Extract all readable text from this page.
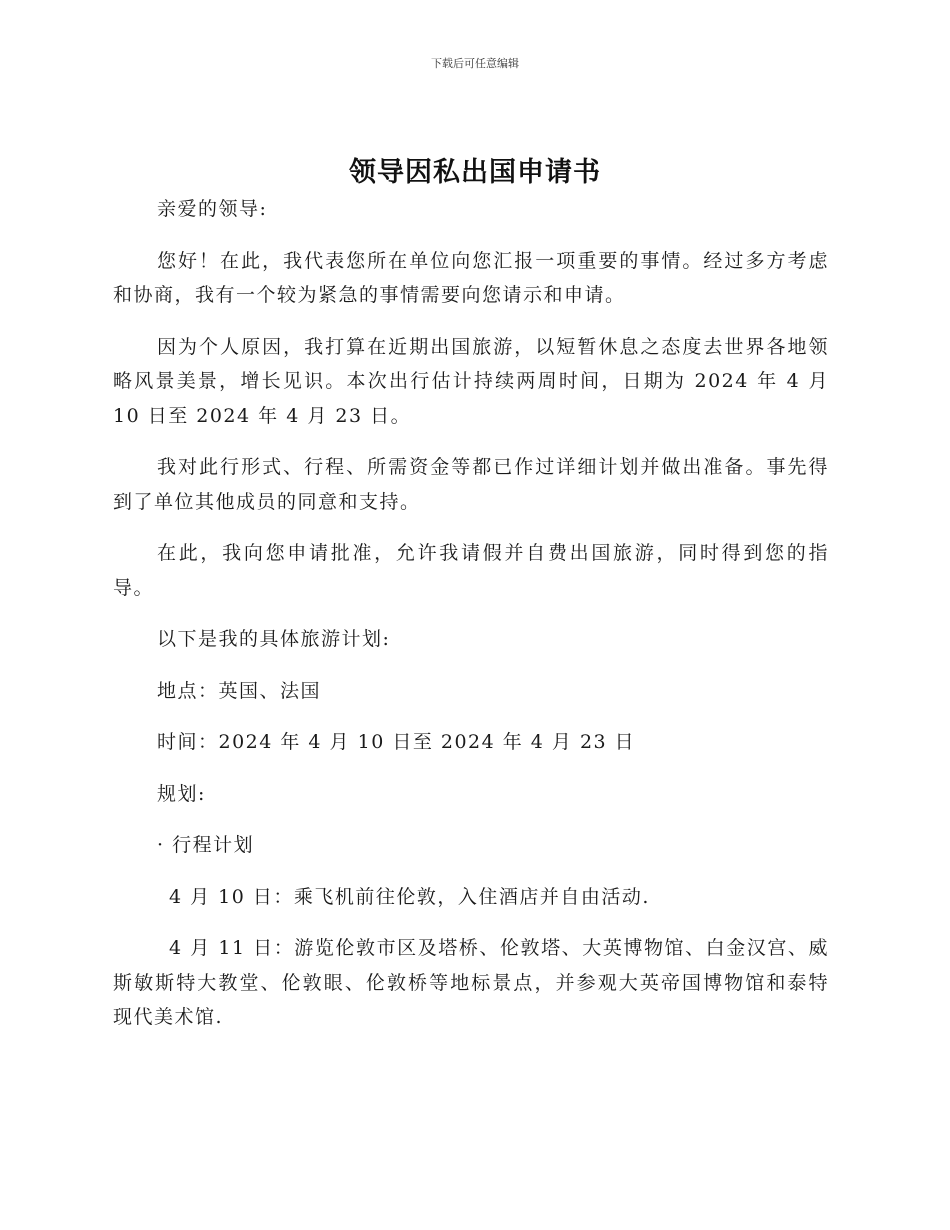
下载后可任意编辑
领导因私出国申请书

亲爱的领导:

您好！在此，我代表您所在单位向您汇报一项重要的事情。经过多方考虑和协商，我有一个较为紧急的事情需要向您请示和申请。

因为个人原因，我打算在近期出国旅游，以短暂休息之态度去世界各地领略风景美景，增长见识。本次出行估计持续两周时间，日期为 2024 年 4 月 10 日至 2024 年 4 月 23 日。

我对此行形式、行程、所需资金等都已作过详细计划并做出准备。事先得到了单位其他成员的同意和支持。

在此，我向您申请批准，允许我请假并自费出国旅游，同时得到您的指导。

以下是我的具体旅游计划:

地点：英国、法国

时间：2024 年 4 月 10 日至 2024 年 4 月 23 日

规划:

· 行程计划

4 月 10 日：乘飞机前往伦敦，入住酒店并自由活动.

4 月 11 日：游览伦敦市区及塔桥、伦敦塔、大英博物馆、白金汉宫、威斯敏斯特大教堂、伦敦眼、伦敦桥等地标景点，并参观大英帝国博物馆和泰特现代美术馆.
